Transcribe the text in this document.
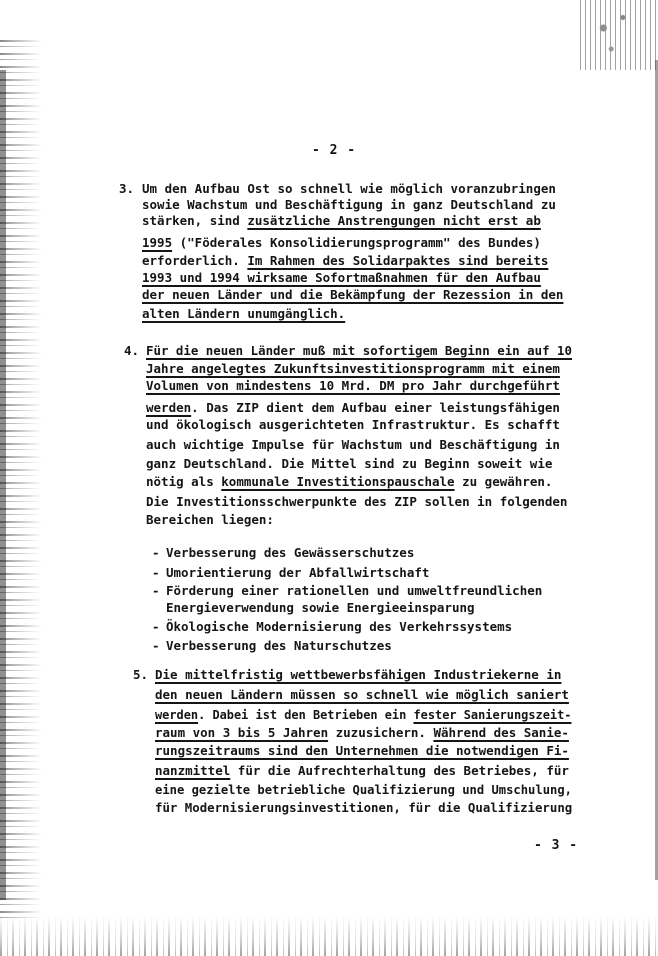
- 2 -
3. Um den Aufbau Ost so schnell wie möglich voranzubringen
sowie Wachstum und Beschäftigung in ganz Deutschland zu
stärken, sind zusätzliche Anstrengungen nicht erst ab
1995 ("Föderales Konsolidierungsprogramm" des Bundes)
erforderlich. Im Rahmen des Solidarpaktes sind bereits
1993 und 1994 wirksame Sofortmaßnahmen für den Aufbau
der neuen Länder und die Bekämpfung der Rezession in den
alten Ländern unumgänglich.
4. Für die neuen Länder muß mit sofortigem Beginn ein auf 10
Jahre angelegtes Zukunftsinvestitionsprogramm mit einem
Volumen von mindestens 10 Mrd. DM pro Jahr durchgeführt
werden. Das ZIP dient dem Aufbau einer leistungsfähigen
und ökologisch ausgerichteten Infrastruktur. Es schafft
auch wichtige Impulse für Wachstum und Beschäftigung in
ganz Deutschland. Die Mittel sind zu Beginn soweit wie
nötig als kommunale Investitionspauschale zu gewähren.
Die Investitionsschwerpunkte des ZIP sollen in folgenden
Bereichen liegen:
- Verbesserung des Gewässerschutzes
- Umorientierung der Abfallwirtschaft
- Förderung einer rationellen und umweltfreundlichen
Energieverwendung sowie Energieeinsparung
- Ökologische Modernisierung des Verkehrssystems
- Verbesserung des Naturschutzes
5. Die mittelfristig wettbewerbsfähigen Industriekerne in
den neuen Ländern müssen so schnell wie möglich saniert
werden. Dabei ist den Betrieben ein fester Sanierungszeit-
raum von 3 bis 5 Jahren zuzusichern. Während des Sanie-
rungszeitraums sind den Unternehmen die notwendigen Fi-
nanzmittel für die Aufrechterhaltung des Betriebes, für
eine gezielte betriebliche Qualifizierung und Umschulung,
für Modernisierungsinvestitionen, für die Qualifizierung
- 3 -
